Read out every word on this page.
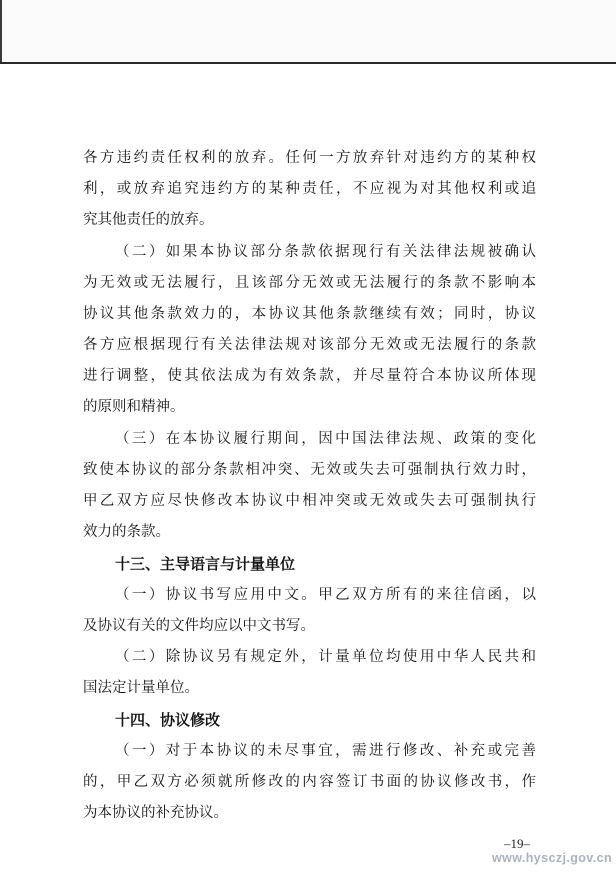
各方违约责任权利的放弃。任何一方放弃针对违约方的某种权
利，或放弃追究违约方的某种责任，不应视为对其他权利或追
究其他责任的放弃。
（二）如果本协议部分条款依据现行有关法律法规被确认
为无效或无法履行，且该部分无效或无法履行的条款不影响本
协议其他条款效力的，本协议其他条款继续有效；同时，协议
各方应根据现行有关法律法规对该部分无效或无法履行的条款
进行调整，使其依法成为有效条款，并尽量符合本协议所体现
的原则和精神。
（三）在本协议履行期间，因中国法律法规、政策的变化
致使本协议的部分条款相冲突、无效或失去可强制执行效力时，
甲乙双方应尽快修改本协议中相冲突或无效或失去可强制执行
效力的条款。
十三、主导语言与计量单位
（一）协议书写应用中文。甲乙双方所有的来往信函，以
及协议有关的文件均应以中文书写。
（二）除协议另有规定外，计量单位均使用中华人民共和
国法定计量单位。
十四、协议修改
（一）对于本协议的未尽事宜，需进行修改、补充或完善
的，甲乙双方必须就所修改的内容签订书面的协议修改书，作
为本协议的补充协议。
–19–
www.hysczj.gov.cn
